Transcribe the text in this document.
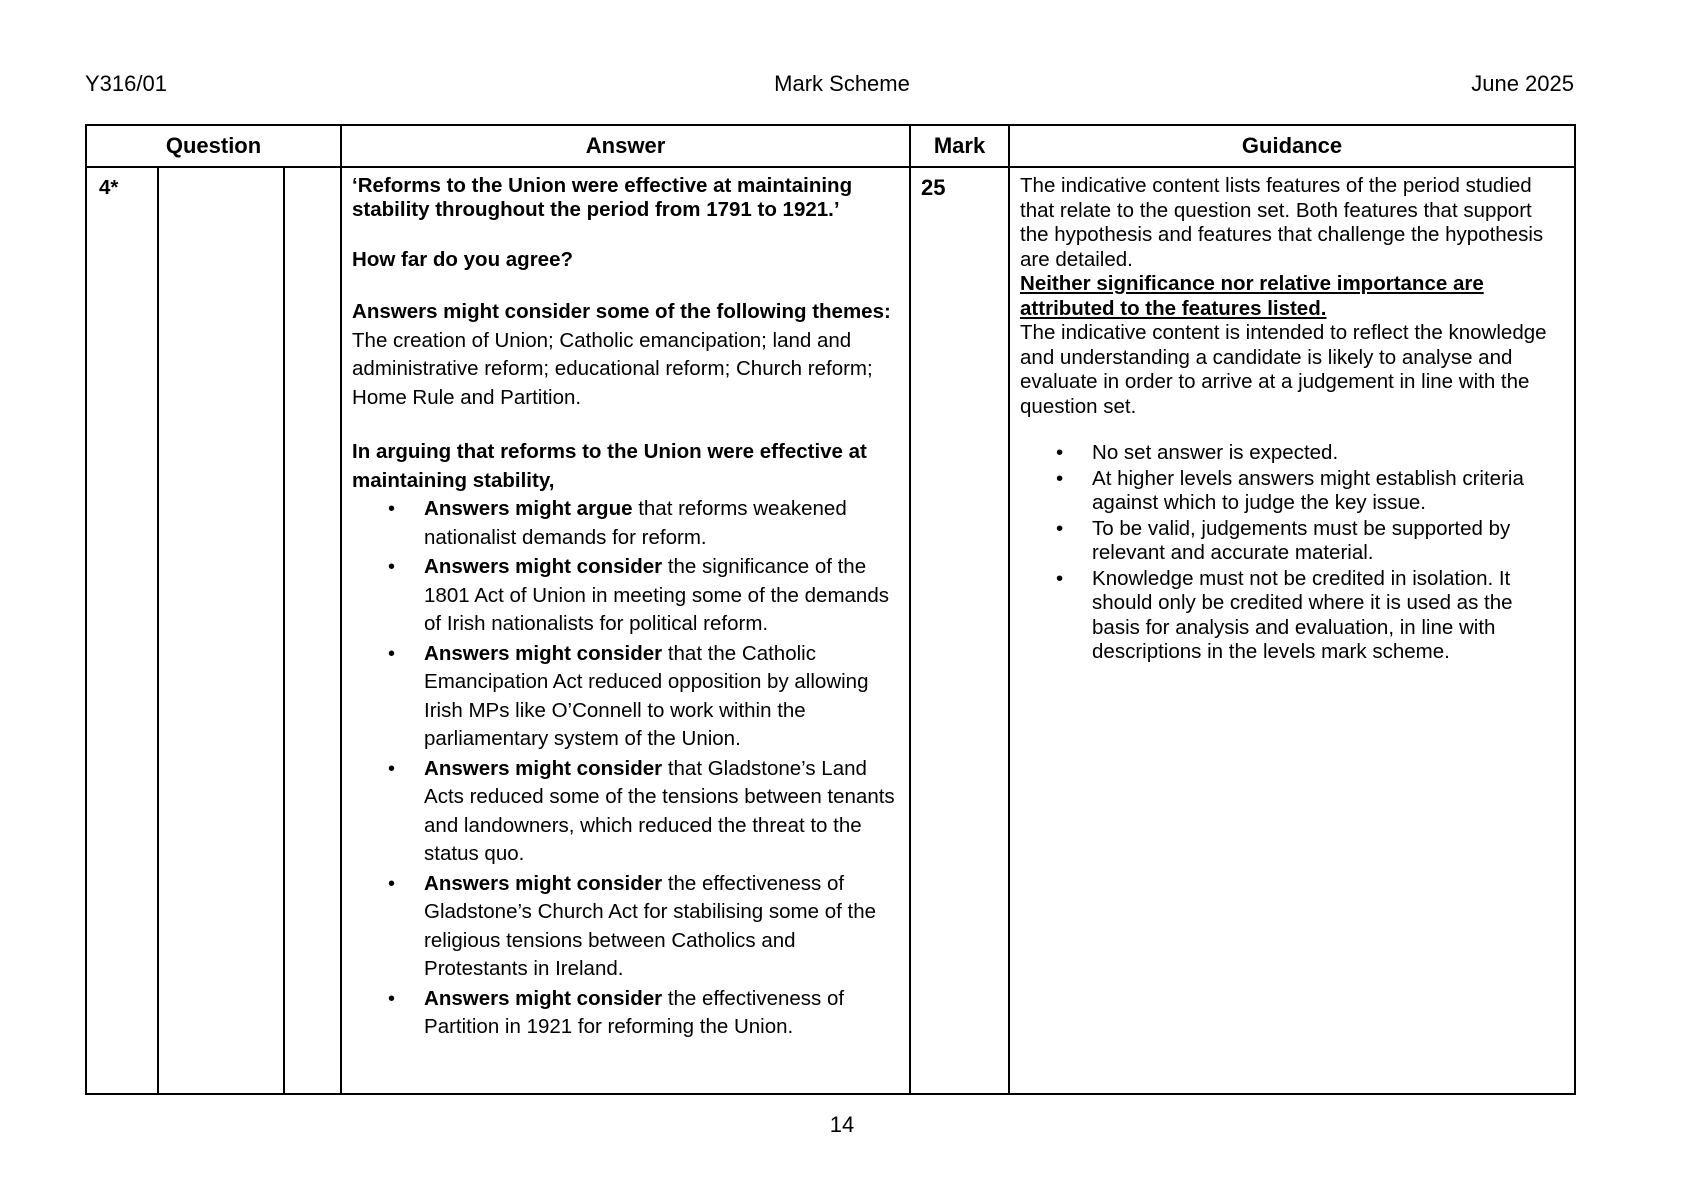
Y316/01	Mark Scheme	June 2025
Question			Answer	Mark	Guidance

4*			‘Reforms to the Union were effective at maintaining stability throughout the period from 1791 to 1921.’

How far do you agree?

Answers might consider some of the following themes: The creation of Union; Catholic emancipation; land and administrative reform; educational reform; Church reform; Home Rule and Partition.

In arguing that reforms to the Union were effective at maintaining stability,

• Answers might argue that reforms weakened nationalist demands for reform.
• Answers might consider the significance of the 1801 Act of Union in meeting some of the demands of Irish nationalists for political reform.
• Answers might consider that the Catholic Emancipation Act reduced opposition by allowing Irish MPs like O’Connell to work within the parliamentary system of the Union.
• Answers might consider that Gladstone’s Land Acts reduced some of the tensions between tenants and landowners, which reduced the threat to the status quo.
• Answers might consider the effectiveness of Gladstone’s Church Act for stabilising some of the religious tensions between Catholics and Protestants in Ireland.
• Answers might consider the effectiveness of Partition in 1921 for reforming the Union.

25	The indicative content lists features of the period studied that relate to the question set. Both features that support the hypothesis and features that challenge the hypothesis are detailed.

Neither significance nor relative importance are attributed to the features listed.

The indicative content is intended to reflect the knowledge and understanding a candidate is likely to analyse and evaluate in order to arrive at a judgement in line with the question set.

• No set answer is expected.
• At higher levels answers might establish criteria against which to judge the key issue.
• To be valid, judgements must be supported by relevant and accurate material.
• Knowledge must not be credited in isolation. It should only be credited where it is used as the basis for analysis and evaluation, in line with descriptions in the levels mark scheme.
14
